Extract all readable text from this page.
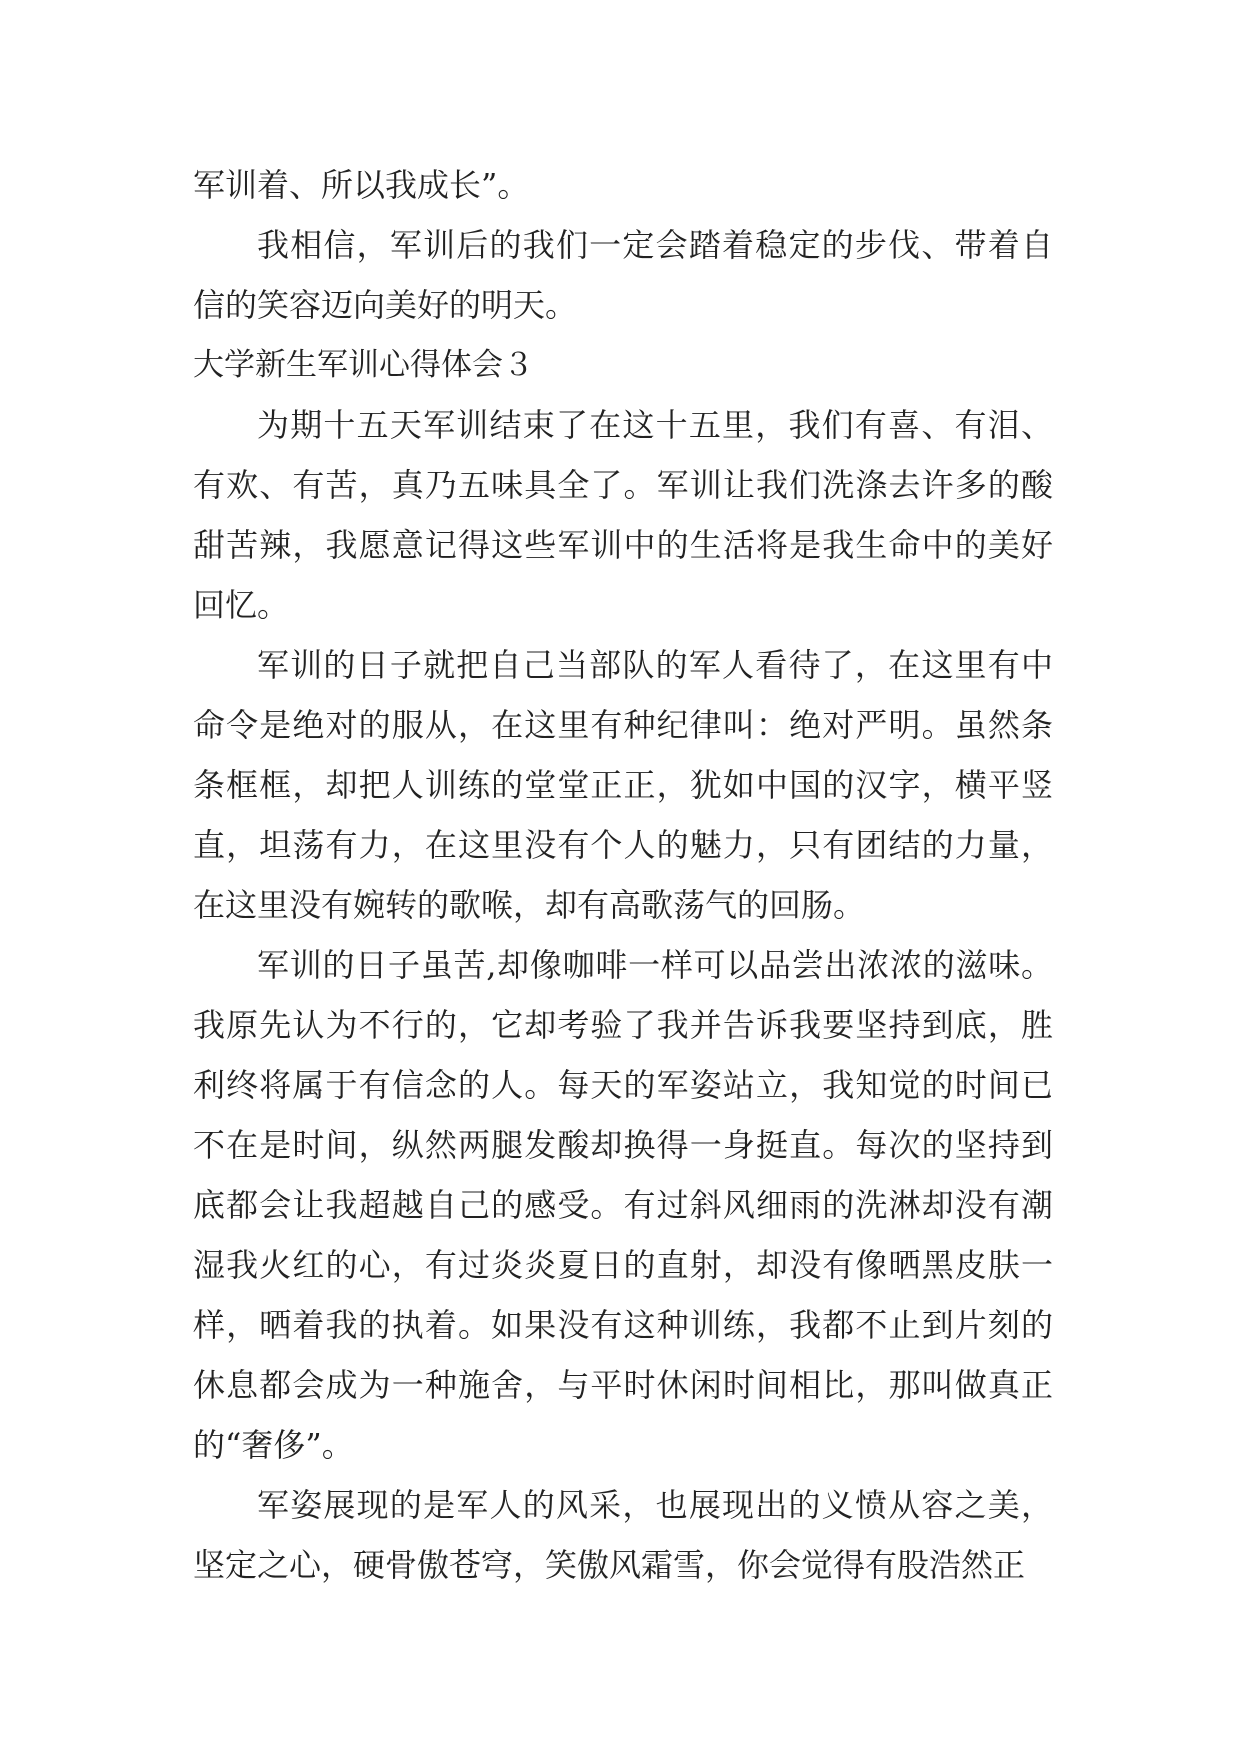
军训着、所以我成长”。

我相信，军训后的我们一定会踏着稳定的步伐、带着自信的笑容迈向美好的明天。

大学新生军训心得体会３

为期十五天军训结束了在这十五里，我们有喜、有泪、有欢、有苦，真乃五味具全了。军训让我们洗涤去许多的酸甜苦辣，我愿意记得这些军训中的生活将是我生命中的美好回忆。

军训的日子就把自己当部队的军人看待了，在这里有中命令是绝对的服从，在这里有种纪律叫：绝对严明。虽然条条框框，却把人训练的堂堂正正，犹如中国的汉字，横平竖直，坦荡有力，在这里没有个人的魅力，只有团结的力量，在这里没有婉转的歌喉，却有高歌荡气的回肠。

军训的日子虽苦,却像咖啡一样可以品尝出浓浓的滋味。我原先认为不行的，它却考验了我并告诉我要坚持到底，胜利终将属于有信念的人。每天的军姿站立，我知觉的时间已不在是时间，纵然两腿发酸却换得一身挺直。每次的坚持到底都会让我超越自己的感受。有过斜风细雨的洗淋却没有潮湿我火红的心，有过炎炎夏日的直射，却没有像晒黑皮肤一样，晒着我的执着。如果没有这种训练，我都不止到片刻的休息都会成为一种施舍，与平时休闲时间相比，那叫做真正的“奢侈”。

军姿展现的是军人的风采，也展现出的义愤从容之美，坚定之心，硬骨傲苍穹，笑傲风霜雪，你会觉得有股浩然正
